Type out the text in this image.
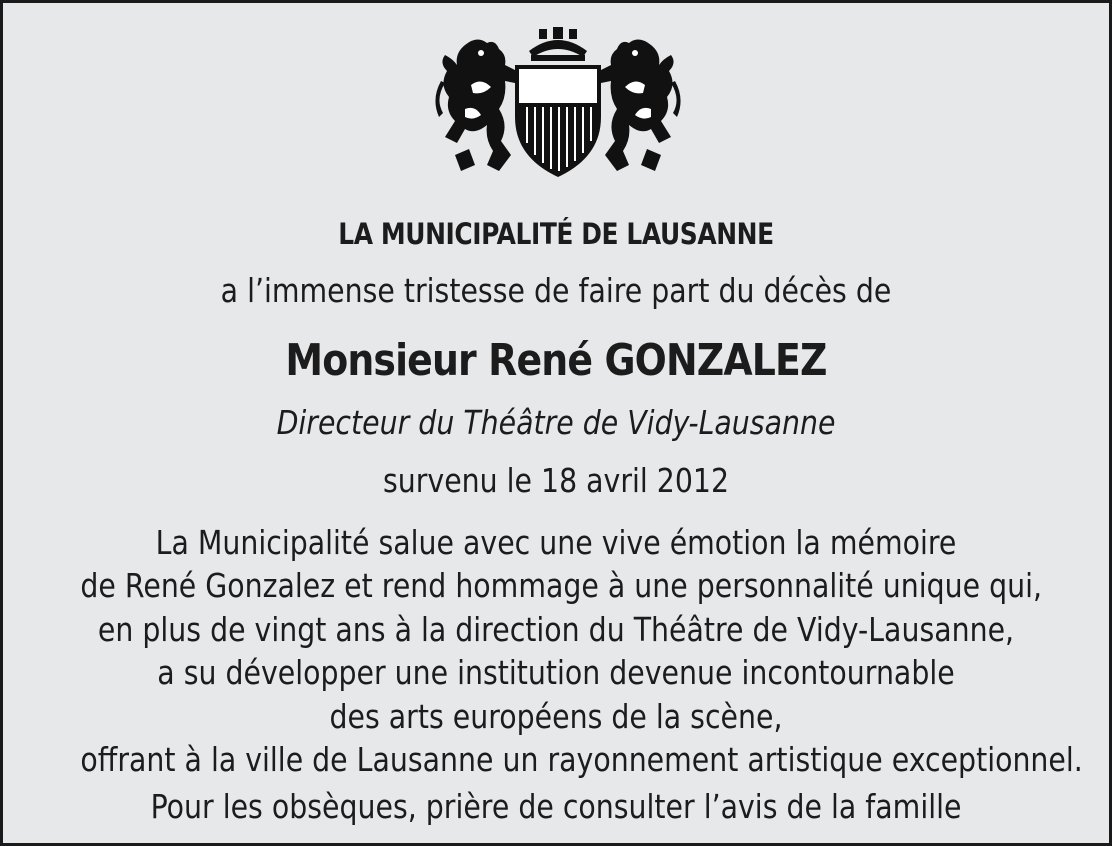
LA MUNICIPALITÉ DE LAUSANNE
a l’immense tristesse de faire part du décès de
Monsieur René GONZALEZ
Directeur du Théâtre de Vidy-Lausanne
survenu le 18 avril 2012
La Municipalité salue avec une vive émotion la mémoire
de René Gonzalez et rend hommage à une personnalité unique qui,
en plus de vingt ans à la direction du Théâtre de Vidy-Lausanne,
a su développer une institution devenue incontournable
des arts européens de la scène,
offrant à la ville de Lausanne un rayonnement artistique exceptionnel.
Pour les obsèques, prière de consulter l’avis de la famille
